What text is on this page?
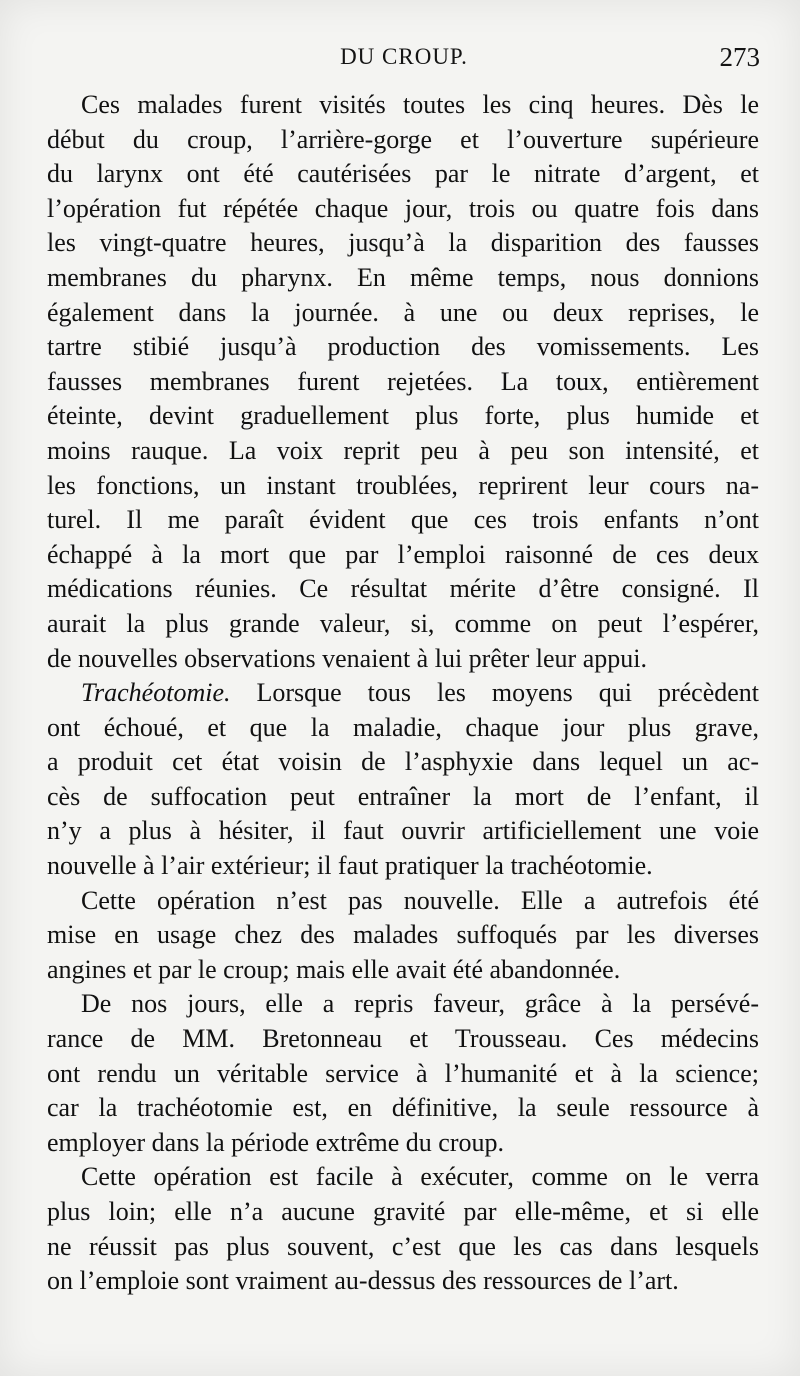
DU CROUP.	273
Ces malades furent visités toutes les cinq heures. Dès le
début du croup, l’arrière-gorge et l’ouverture supérieure
du larynx ont été cautérisées par le nitrate d’argent, et
l’opération fut répétée chaque jour, trois ou quatre fois dans
les vingt-quatre heures, jusqu’à la disparition des fausses
membranes du pharynx. En même temps, nous donnions
également dans la journée. à une ou deux reprises, le
tartre stibié jusqu’à production des vomissements. Les
fausses membranes furent rejetées. La toux, entièrement
éteinte, devint graduellement plus forte, plus humide et
moins rauque. La voix reprit peu à peu son intensité, et
les fonctions, un instant troublées, reprirent leur cours na-
turel. Il me paraît évident que ces trois enfants n’ont
échappé à la mort que par l’emploi raisonné de ces deux
médications réunies. Ce résultat mérite d’être consigné. Il
aurait la plus grande valeur, si, comme on peut l’espérer,
de nouvelles observations venaient à lui prêter leur appui.
Trachéotomie. Lorsque tous les moyens qui précèdent
ont échoué, et que la maladie, chaque jour plus grave,
a produit cet état voisin de l’asphyxie dans lequel un ac-
cès de suffocation peut entraîner la mort de l’enfant, il
n’y a plus à hésiter, il faut ouvrir artificiellement une voie
nouvelle à l’air extérieur; il faut pratiquer la trachéotomie.
Cette opération n’est pas nouvelle. Elle a autrefois été
mise en usage chez des malades suffoqués par les diverses
angines et par le croup; mais elle avait été abandonnée.
De nos jours, elle a repris faveur, grâce à la persévé-
rance de MM. Bretonneau et Trousseau. Ces médecins
ont rendu un véritable service à l’humanité et à la science;
car la trachéotomie est, en définitive, la seule ressource à
employer dans la période extrême du croup.
Cette opération est facile à exécuter, comme on le verra
plus loin; elle n’a aucune gravité par elle-même, et si elle
ne réussit pas plus souvent, c’est que les cas dans lesquels
on l’emploie sont vraiment au-dessus des ressources de l’art.
